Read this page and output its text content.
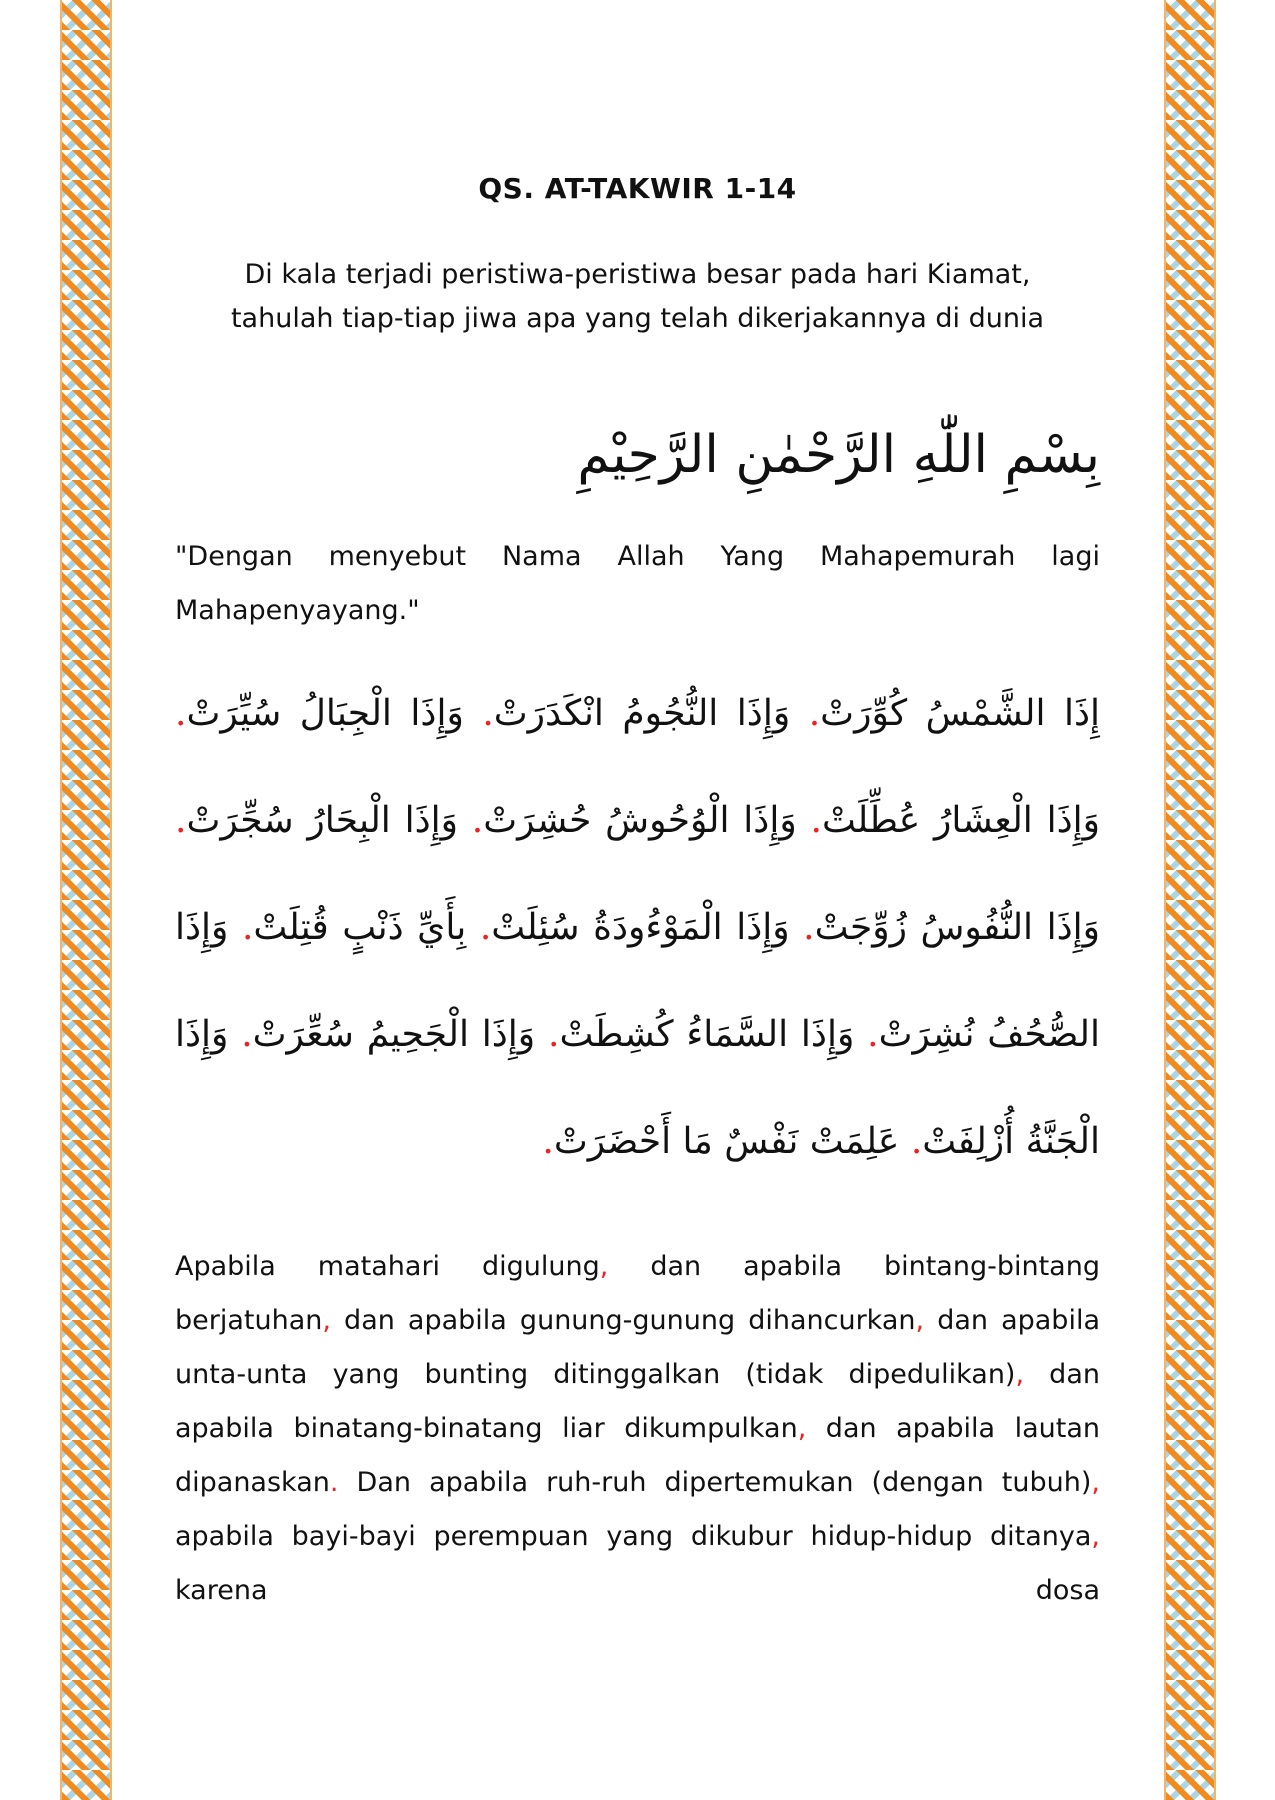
QS. AT-TAKWIR 1-14
Di kala terjadi peristiwa-peristiwa besar pada hari Kiamat,
tahulah tiap-tiap jiwa apa yang telah dikerjakannya di dunia
بِسْمِ اللّٰهِ الرَّحْمٰنِ الرَّحِيْمِ
"Dengan menyebut Nama Allah Yang Mahapemurah lagi Mahapenyayang."
إِذَا الشَّمْسُ كُوِّرَتْ. وَإِذَا النُّجُومُ انْكَدَرَتْ. وَإِذَا الْجِبَالُ سُيِّرَتْ. وَإِذَا الْعِشَارُ عُطِّلَتْ. وَإِذَا الْوُحُوشُ حُشِرَتْ. وَإِذَا الْبِحَارُ سُجِّرَتْ. وَإِذَا النُّفُوسُ زُوِّجَتْ. وَإِذَا الْمَوْءُودَةُ سُئِلَتْ. بِأَيِّ ذَنْبٍ قُتِلَتْ. وَإِذَا الصُّحُفُ نُشِرَتْ. وَإِذَا السَّمَاءُ كُشِطَتْ. وَإِذَا الْجَحِيمُ سُعِّرَتْ. وَإِذَا الْجَنَّةُ أُزْلِفَتْ. عَلِمَتْ نَفْسٌ مَا أَحْضَرَتْ.
Apabila matahari digulung, dan apabila bintang-bintang berjatuhan, dan apabila gunung-gunung dihancurkan, dan apabila unta-unta yang bunting ditinggalkan (tidak dipedulikan), dan apabila binatang-binatang liar dikumpulkan, dan apabila lautan dipanaskan. Dan apabila ruh-ruh dipertemukan (dengan tubuh), apabila bayi-bayi perempuan yang dikubur hidup-hidup ditanya, karena dosa
